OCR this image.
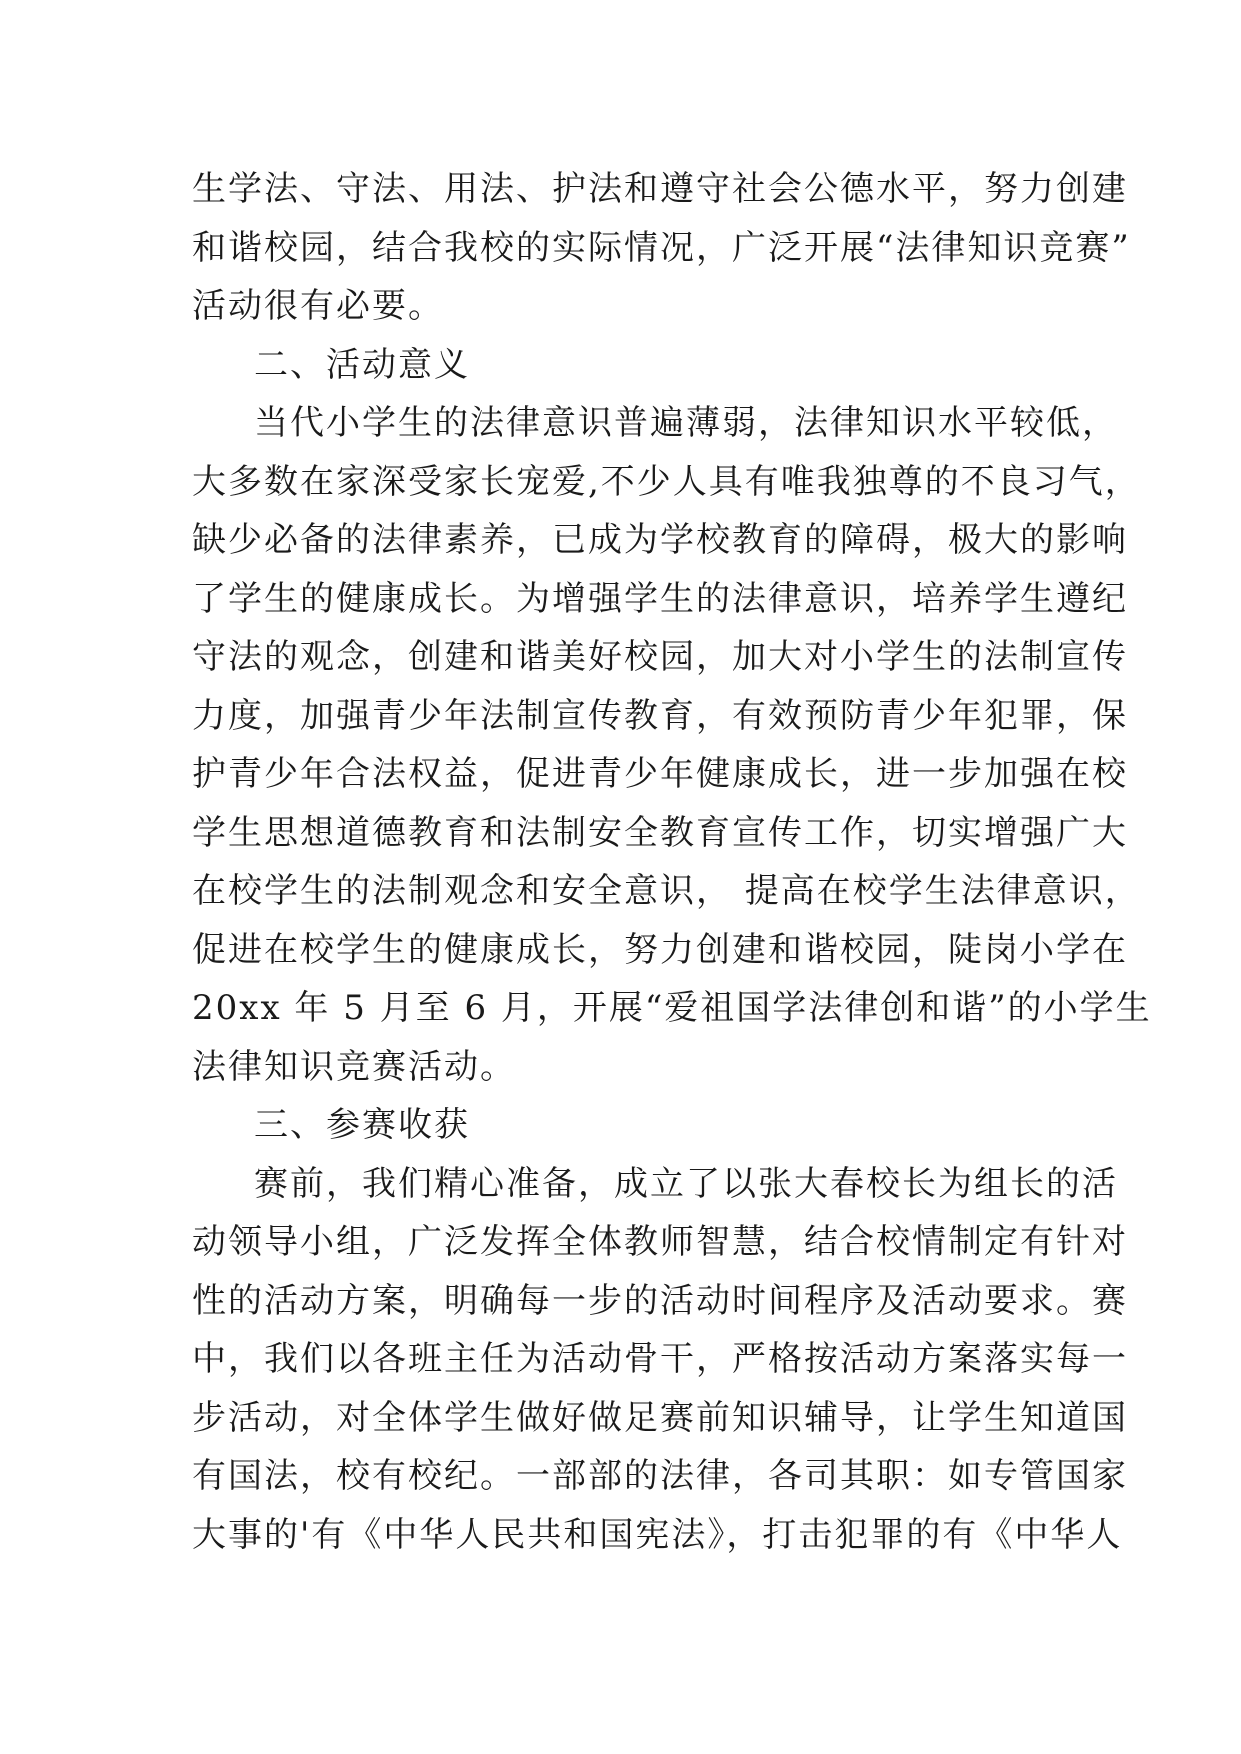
生学法、守法、用法、护法和遵守社会公德水平，努力创建
和谐校园，结合我校的实际情况，广泛开展“法律知识竞赛”
活动很有必要。
二、活动意义
当代小学生的法律意识普遍薄弱，法律知识水平较低，
大多数在家深受家长宠爱,不少人具有唯我独尊的不良习气，
缺少必备的法律素养，已成为学校教育的障碍，极大的影响
了学生的健康成长。为增强学生的法律意识，培养学生遵纪
守法的观念，创建和谐美好校园，加大对小学生的法制宣传
力度，加强青少年法制宣传教育，有效预防青少年犯罪，保
护青少年合法权益，促进青少年健康成长，进一步加强在校
学生思想道德教育和法制安全教育宣传工作，切实增强广大
在校学生的法制观念和安全意识， 提高在校学生法律意识，
促进在校学生的健康成长，努力创建和谐校园，陡岗小学在
20xx 年 5 月至 6 月，开展“爱祖国学法律创和谐”的小学生
法律知识竞赛活动。
三、参赛收获
赛前，我们精心准备，成立了以张大春校长为组长的活
动领导小组，广泛发挥全体教师智慧，结合校情制定有针对
性的活动方案，明确每一步的活动时间程序及活动要求。赛
中，我们以各班主任为活动骨干，严格按活动方案落实每一
步活动，对全体学生做好做足赛前知识辅导，让学生知道国
有国法，校有校纪。一部部的法律，各司其职：如专管国家
大事的'有《中华人民共和国宪法》，打击犯罪的有《中华人
